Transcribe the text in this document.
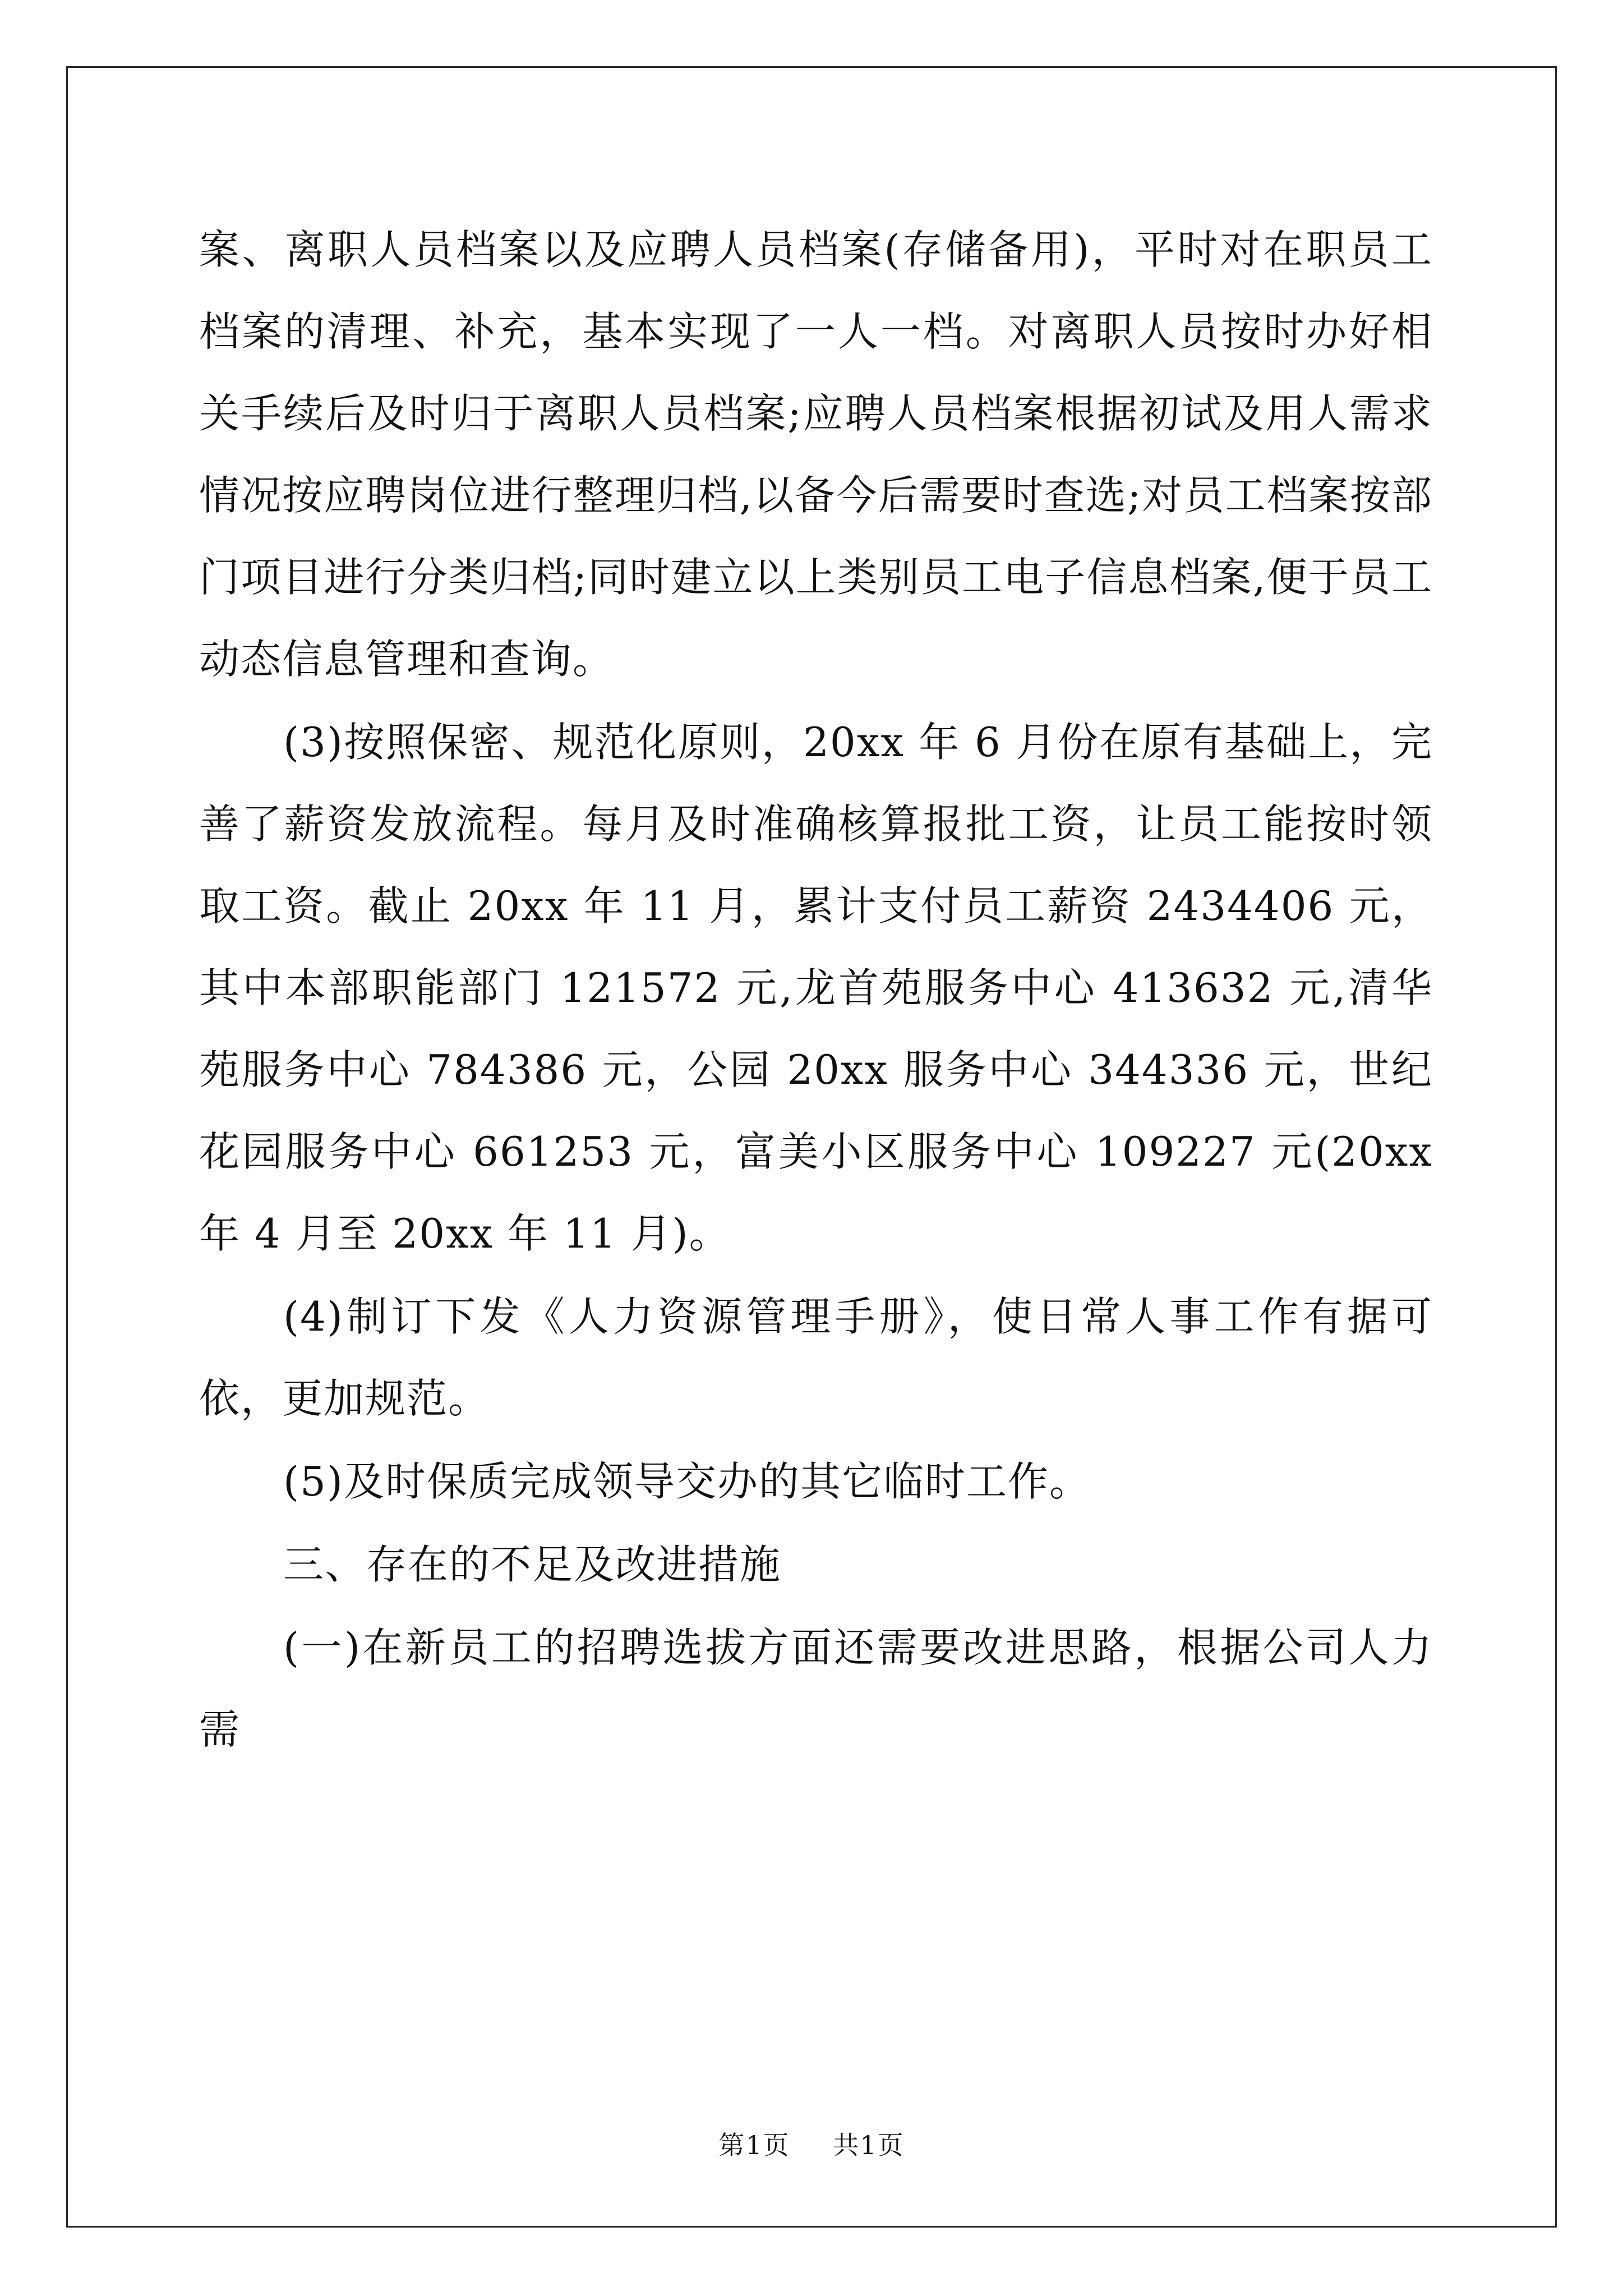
案、离职人员档案以及应聘人员档案(存储备用)，平时对在职员工档案的清理、补充，基本实现了一人一档。对离职人员按时办好相关手续后及时归于离职人员档案;应聘人员档案根据初试及用人需求情况按应聘岗位进行整理归档,以备今后需要时查选;对员工档案按部门项目进行分类归档;同时建立以上类别员工电子信息档案,便于员工动态信息管理和查询。

(3)按照保密、规范化原则，20xx 年 6 月份在原有基础上，完善了薪资发放流程。每月及时准确核算报批工资，让员工能按时领取工资。截止 20xx 年 11 月，累计支付员工薪资 2434406 元，其中本部职能部门 121572 元,龙首苑服务中心 413632 元,清华苑服务中心 784386 元，公园 20xx 服务中心 344336 元，世纪花园服务中心 661253 元，富美小区服务中心 109227 元(20xx 年 4 月至 20xx 年 11 月)。

(4)制订下发《人力资源管理手册》，使日常人事工作有据可依，更加规范。

(5)及时保质完成领导交办的其它临时工作。

三、存在的不足及改进措施

(一)在新员工的招聘选拔方面还需要改进思路，根据公司人力需

第1页 共1页
